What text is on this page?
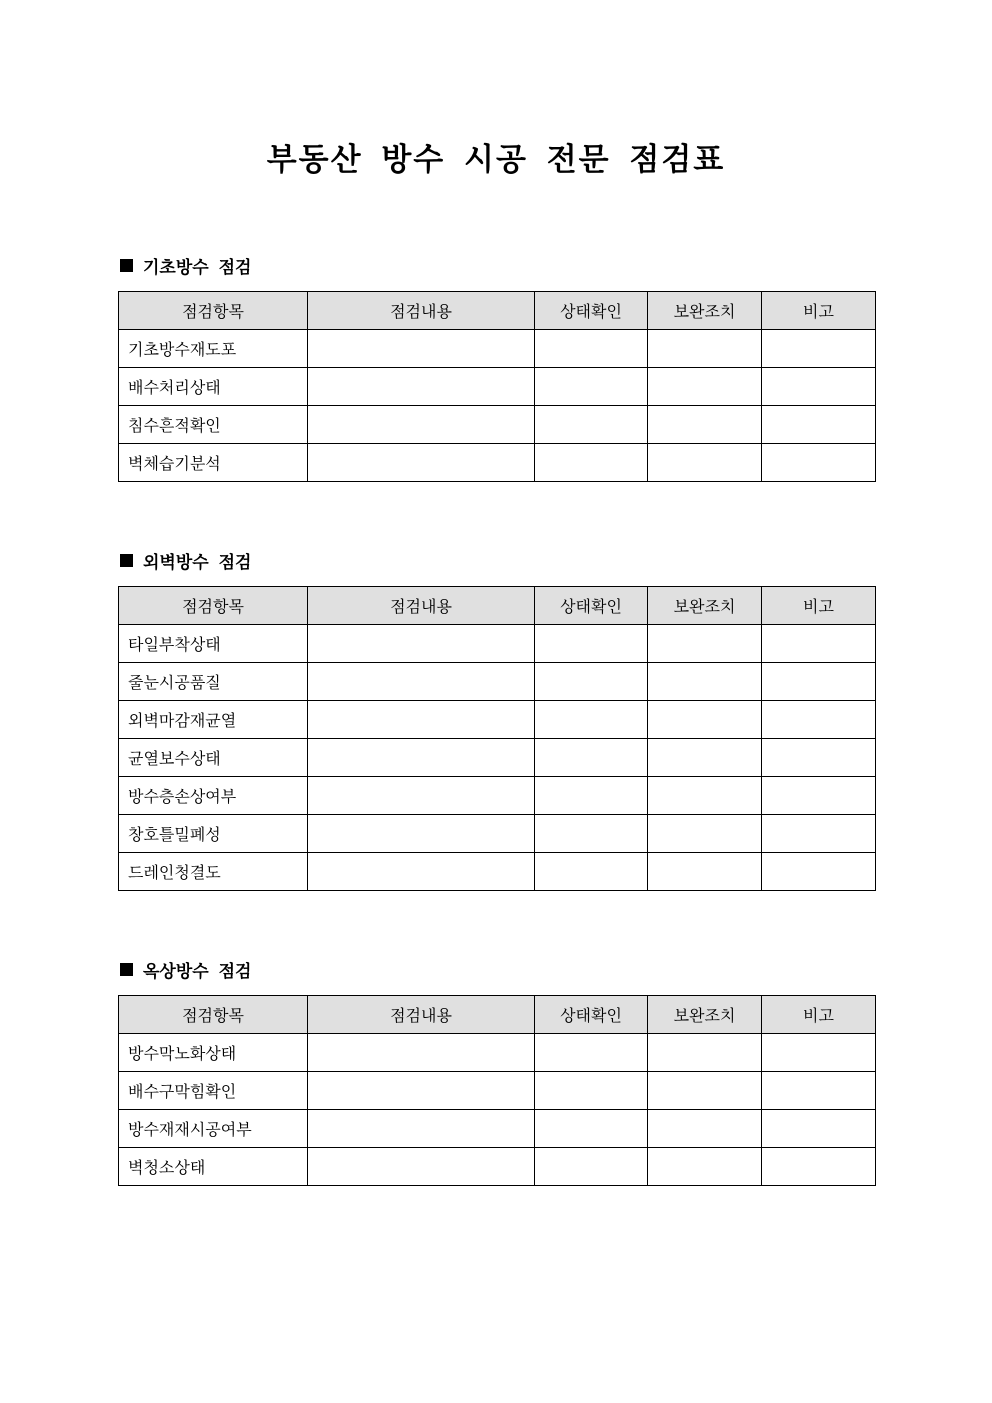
부동산 방수 시공 전문 점검표
기초방수 점검
점검항목	점검내용	상태확인	보완조치	비고
기초방수재도포				
배수처리상태				
침수흔적확인				
벽체습기분석				
외벽방수 점검
점검항목	점검내용	상태확인	보완조치	비고
타일부착상태				
줄눈시공품질				
외벽마감재균열				
균열보수상태				
방수층손상여부				
창호틀밀폐성				
드레인청결도				
옥상방수 점검
점검항목	점검내용	상태확인	보완조치	비고
방수막노화상태				
배수구막힘확인				
방수재재시공여부				
벽청소상태				
